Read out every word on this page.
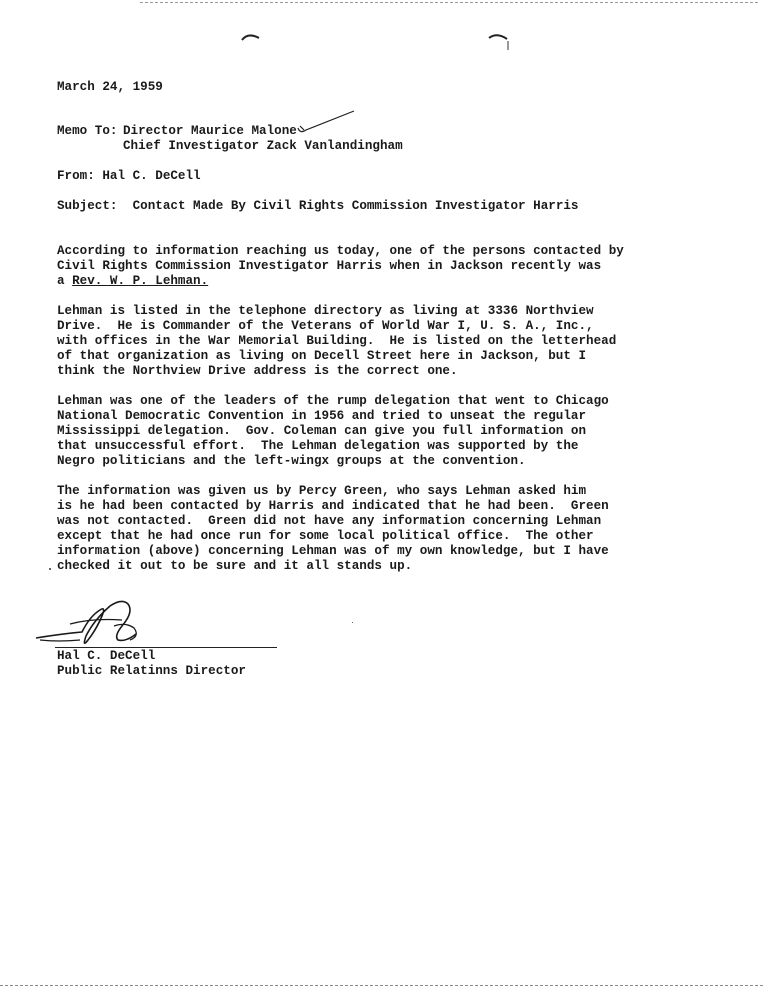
March 24, 1959
Memo To: Director Maurice Malone
Chief Investigator Zack Vanlandingham
From: Hal C. DeCell
Subject: Contact Made By Civil Rights Commission Investigator Harris
According to information reaching us today, one of the persons contacted by
Civil Rights Commission Investigator Harris when in Jackson recently was
a Rev. W. P. Lehman.
Lehman is listed in the telephone directory as living at 3336 Northview
Drive.  He is Commander of the Veterans of World War I, U. S. A., Inc.,
with offices in the War Memorial Building.  He is listed on the letterhead
of that organization as living on Decell Street here in Jackson, but I
think the Northview Drive address is the correct one.
Lehman was one of the leaders of the rump delegation that went to Chicago
National Democratic Convention in 1956 and tried to unseat the regular
Mississippi delegation.  Gov. Coleman can give you full information on
that unsuccessful effort.  The Lehman delegation was supported by the
Negro politicians and the left-wingx groups at the convention.
The information was given us by Percy Green, who says Lehman asked him
is he had been contacted by Harris and indicated that he had been.  Green
was not contacted.  Green did not have any information concerning Lehman
except that he had once run for some local political office.  The other
information (above) concerning Lehman was of my own knowledge, but I have
checked it out to be sure and it all stands up.
Hal C. DeCell
Public Relatinns Director
